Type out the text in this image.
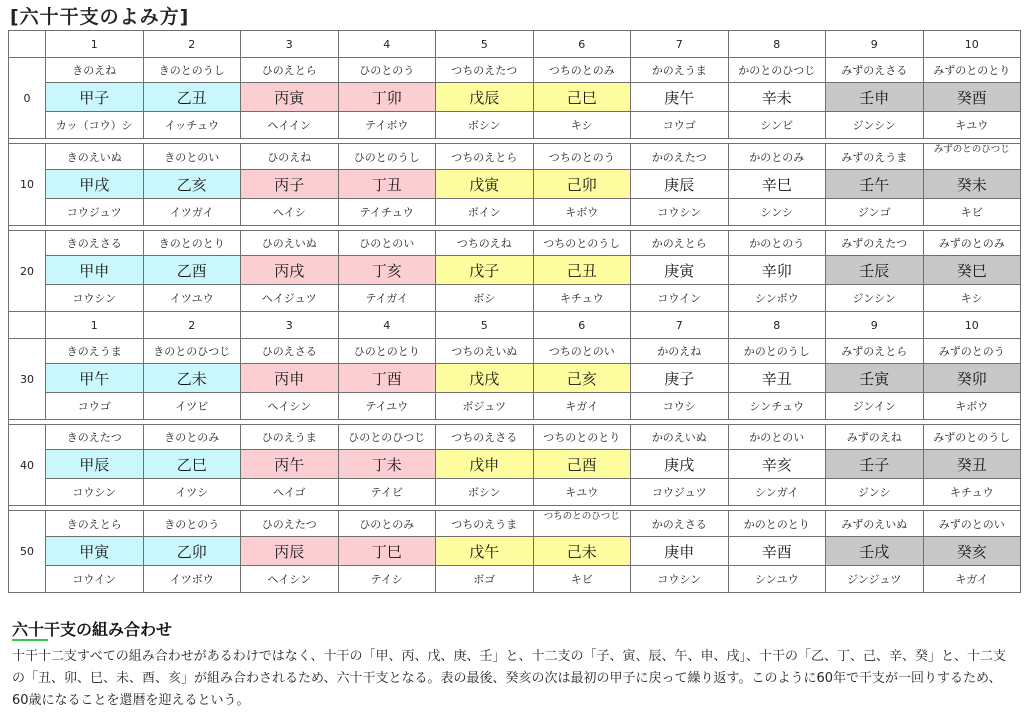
[六十干支のよみ方]
	1	2	3	4	5	6	7	8	9	10
0	きのえね	きのとのうし	ひのえとら	ひのとのう	つちのえたつ	つちのとのみ	かのえうま	かのとのひつじ	みずのえさる	みずのとのとり
	甲子	乙丑	丙寅	丁卯	戊辰	己巳	庚午	辛未	壬申	癸酉
	カッ（コウ）シ	イッチュウ	ヘイイン	テイボウ	ボシン	キシ	コウゴ	シンビ	ジンシン	キユウ

10	きのえいぬ	きのとのい	ひのえね	ひのとのうし	つちのえとら	つちのとのう	かのえたつ	かのとのみ	みずのえうま	みずのとのひつじ
	甲戌	乙亥	丙子	丁丑	戊寅	己卯	庚辰	辛巳	壬午	癸未
	コウジュツ	イツガイ	ヘイシ	テイチュウ	ボイン	キボウ	コウシン	シンシ	ジンゴ	キビ

20	きのえさる	きのとのとり	ひのえいぬ	ひのとのい	つちのえね	つちのとのうし	かのえとら	かのとのう	みずのえたつ	みずのとのみ
	甲申	乙酉	丙戌	丁亥	戊子	己丑	庚寅	辛卯	壬辰	癸巳
	コウシン	イツユウ	ヘイジュツ	テイガイ	ボシ	キチュウ	コウイン	シンボウ	ジンシン	キシ
	1	2	3	4	5	6	7	8	9	10
30	きのえうま	きのとのひつじ	ひのえさる	ひのとのとり	つちのえいぬ	つちのとのい	かのえね	かのとのうし	みずのえとら	みずのとのう
	甲午	乙未	丙申	丁酉	戊戌	己亥	庚子	辛丑	壬寅	癸卯
	コウゴ	イツビ	ヘイシン	テイユウ	ボジュツ	キガイ	コウシ	シンチュウ	ジンイン	キボウ

40	きのえたつ	きのとのみ	ひのえうま	ひのとのひつじ	つちのえさる	つちのとのとり	かのえいぬ	かのとのい	みずのえね	みずのとのうし
	甲辰	乙巳	丙午	丁未	戊申	己酉	庚戌	辛亥	壬子	癸丑
	コウシン	イツシ	ヘイゴ	テイビ	ボシン	キユウ	コウジュツ	シンガイ	ジンシ	キチュウ

50	きのえとら	きのとのう	ひのえたつ	ひのとのみ	つちのえうま	つちのとのひつじ	かのえさる	かのとのとり	みずのえいぬ	みずのとのい
	甲寅	乙卯	丙辰	丁巳	戊午	己未	庚申	辛酉	壬戌	癸亥
	コウイン	イツボウ	ヘイシン	テイシ	ボゴ	キビ	コウシン	シンユウ	ジンジュツ	キガイ
六十干支の組み合わせ
十干十二支すべての組み合わせがあるわけではなく、十干の「甲、丙、戊、庚、壬」と、十二支の「子、寅、辰、午、申、戌」、十干の「乙、丁、己、辛、癸」と、十二支の「丑、卯、巳、未、酉、亥」が組み合わされるため、六十干支となる。表の最後、癸亥の次は最初の甲子に戻って繰り返す。このように60年で干支が一回りするため、60歳になることを還暦を迎えるという。
